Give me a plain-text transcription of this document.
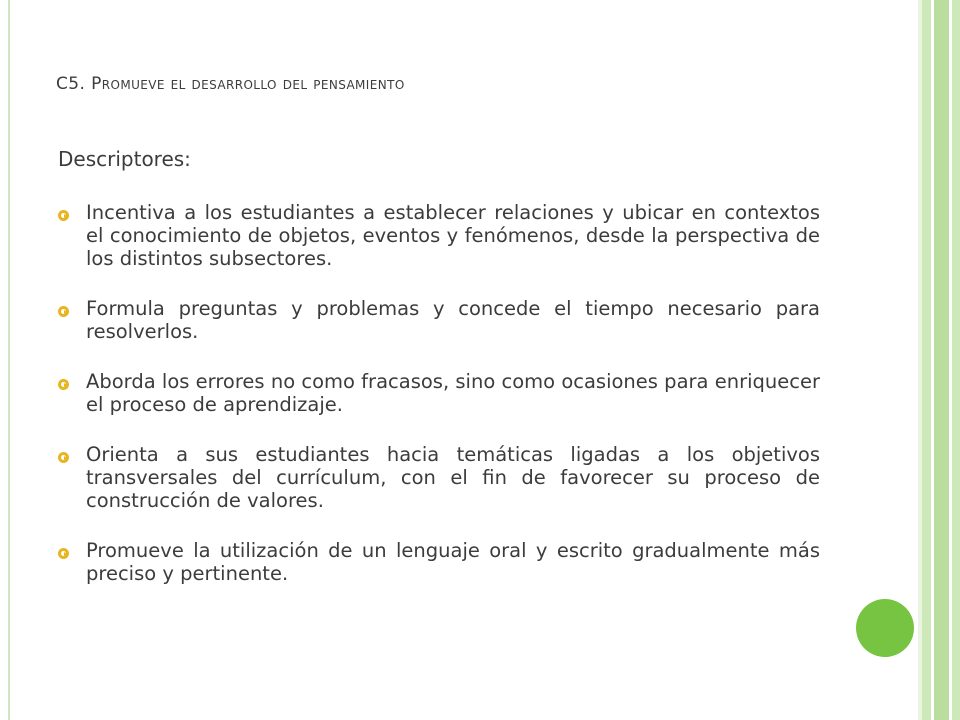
C5. Promueve el desarrollo del pensamiento
Descriptores:
Incentiva a los estudiantes a establecer relaciones y ubicar en contextos el conocimiento de objetos, eventos y fenómenos, desde la perspectiva de los distintos subsectores.
Formula preguntas y problemas y concede el tiempo necesario para resolverlos.
Aborda los errores no como fracasos, sino como ocasiones para enriquecer el proceso de aprendizaje.
Orienta a sus estudiantes hacia temáticas ligadas a los objetivos transversales del currículum, con el fin de favorecer su proceso de construcción de valores.
Promueve la utilización de un lenguaje oral y escrito gradualmente más preciso y pertinente.
